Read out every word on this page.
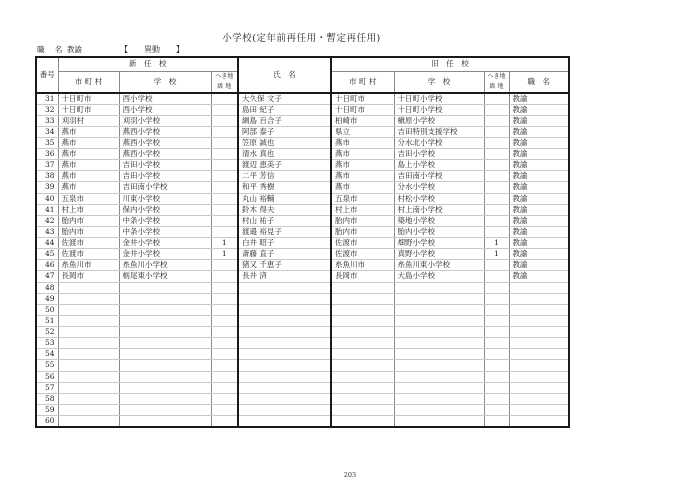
小学校(定年前再任用・暫定再任用)
職 名 教諭	【 異動 】
番号	新　任　校			氏　名	旧　任　校			
市 町 村	学　校	
へき地
級 地
	市 町 村	学　校	
へき地
級 地
	職　名
31	十日町市	西小学校		大久保 文子	十日町市	十日町小学校		教諭
32	十日町市	西小学校		島田 紀子	十日町市	十日町小学校		教諭
33	刈羽村	刈羽小学校		網島 百合子	柏崎市	槇原小学校		教諭
34	燕市	燕西小学校		阿部 泰子	県立	吉田特別支援学校		教諭
35	燕市	燕西小学校		笠原 誠也	燕市	分水北小学校		教諭
36	燕市	燕西小学校		清水 真也	燕市	吉田小学校		教諭
37	燕市	吉田小学校		渡辺 恵美子	燕市	島上小学校		教諭
38	燕市	吉田小学校		二平 芳信	燕市	吉田南小学校		教諭
39	燕市	吉田南小学校		和平 秀樹	燕市	分水小学校		教諭
40	五泉市	川東小学校		丸山 裕輔	五泉市	村松小学校		教諭
41	村上市	保内小学校		鈴木 得夫	村上市	村上南小学校		教諭
42	胎内市	中条小学校		村山 祐子	胎内市	築地小学校		教諭
43	胎内市	中条小学校		渡邉 裕見子	胎内市	胎内小学校		教諭
44	佐渡市	金井小学校	1	白井 昭子	佐渡市	畑野小学校	1	教諭
45	佐渡市	金井小学校	1	斎藤 直子	佐渡市	真野小学校	1	教諭
46	糸魚川市	糸魚川小学校		猪又 千恵子	糸魚川市	糸魚川東小学校		教諭
47	長岡市	栃尾東小学校		長井 済	長岡市	大島小学校		教諭
48								
49								
50								
51								
52								
53								
54								
55								
56								
57								
58								
59								
60								
203
